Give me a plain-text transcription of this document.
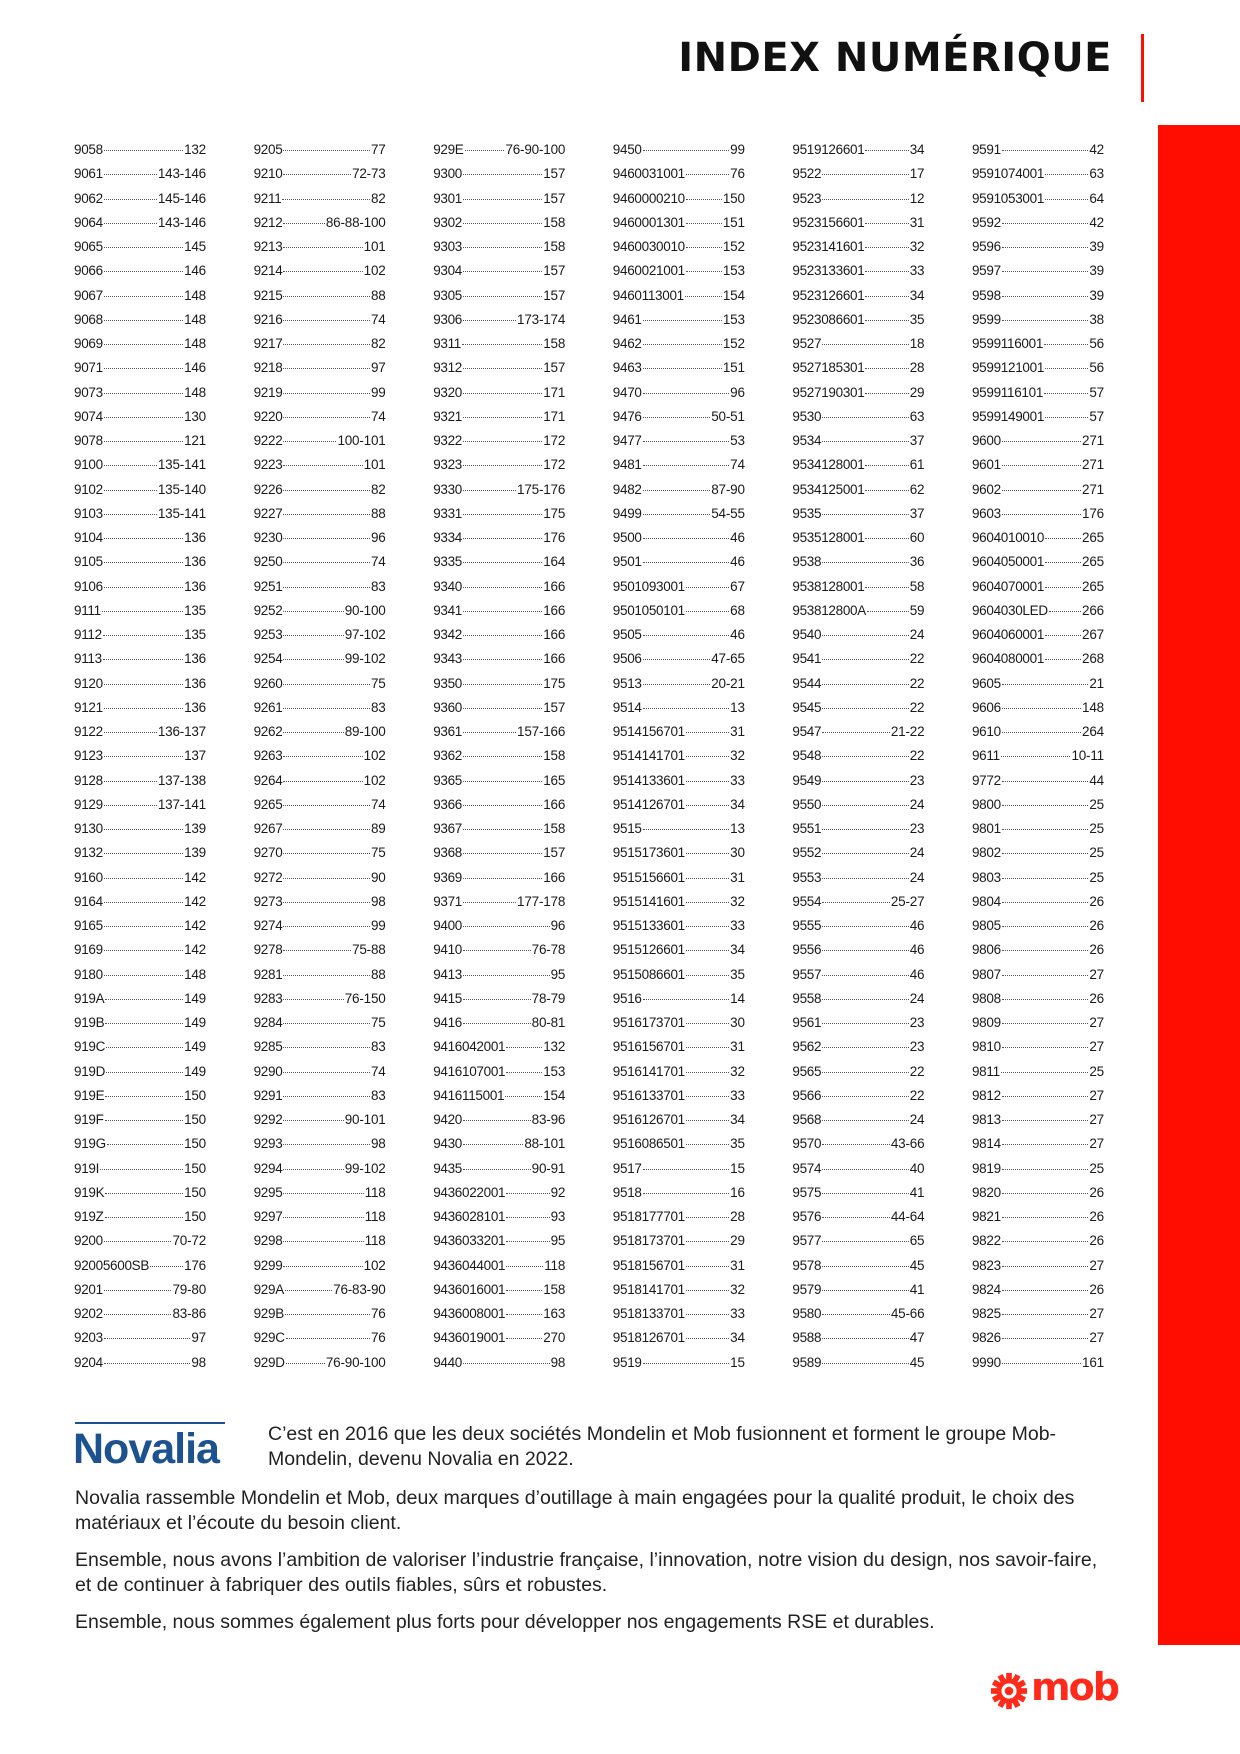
INDEX NUMÉRIQUE
9058	132
9061	143-146
9062	145-146
9064	143-146
9065	145
9066	146
9067	148
9068	148
9069	148
9071	146
9073	148
9074	130
9078	121
9100	135-141
9102	135-140
9103	135-141
9104	136
9105	136
9106	136
9111	135
9112	135
9113	136
9120	136
9121	136
9122	136-137
9123	137
9128	137-138
9129	137-141
9130	139
9132	139
9160	142
9164	142
9165	142
9169	142
9180	148
919A	149
919B	149
919C	149
919D	149
919E	150
919F	150
919G	150
919I	150
919K	150
919Z	150
9200	70-72
92005600SB	176
9201	79-80
9202	83-86
9203	97
9204	98
9205	77
9210	72-73
9211	82
9212	86-88-100
9213	101
9214	102
9215	88
9216	74
9217	82
9218	97
9219	99
9220	74
9222	100-101
9223	101
9226	82
9227	88
9230	96
9250	74
9251	83
9252	90-100
9253	97-102
9254	99-102
9260	75
9261	83
9262	89-100
9263	102
9264	102
9265	74
9267	89
9270	75
9272	90
9273	98
9274	99
9278	75-88
9281	88
9283	76-150
9284	75
9285	83
9290	74
9291	83
9292	90-101
9293	98
9294	99-102
9295	118
9297	118
9298	118
9299	102
929A	76-83-90
929B	76
929C	76
929D	76-90-100
929E	76-90-100
9300	157
9301	157
9302	158
9303	158
9304	157
9305	157
9306	173-174
9311	158
9312	157
9320	171
9321	171
9322	172
9323	172
9330	175-176
9331	175
9334	176
9335	164
9340	166
9341	166
9342	166
9343	166
9350	175
9360	157
9361	157-166
9362	158
9365	165
9366	166
9367	158
9368	157
9369	166
9371	177-178
9400	96
9410	76-78
9413	95
9415	78-79
9416	80-81
9416042001	132
9416107001	153
9416115001	154
9420	83-96
9430	88-101
9435	90-91
9436022001	92
9436028101	93
9436033201	95
9436044001	118
9436016001	158
9436008001	163
9436019001	270
9440	98
9450	99
9460031001	76
9460000210	150
9460001301	151
9460030010	152
9460021001	153
9460113001	154
9461	153
9462	152
9463	151
9470	96
9476	50-51
9477	53
9481	74
9482	87-90
9499	54-55
9500	46
9501	46
9501093001	67
9501050101	68
9505	46
9506	47-65
9513	20-21
9514	13
9514156701	31
9514141701	32
9514133601	33
9514126701	34
9515	13
9515173601	30
9515156601	31
9515141601	32
9515133601	33
9515126601	34
9515086601	35
9516	14
9516173701	30
9516156701	31
9516141701	32
9516133701	33
9516126701	34
9516086501	35
9517	15
9518	16
9518177701	28
9518173701	29
9518156701	31
9518141701	32
9518133701	33
9518126701	34
9519	15
9519126601	34
9522	17
9523	12
9523156601	31
9523141601	32
9523133601	33
9523126601	34
9523086601	35
9527	18
9527185301	28
9527190301	29
9530	63
9534	37
9534128001	61
9534125001	62
9535	37
9535128001	60
9538	36
9538128001	58
953812800A	59
9540	24
9541	22
9544	22
9545	22
9547	21-22
9548	22
9549	23
9550	24
9551	23
9552	24
9553	24
9554	25-27
9555	46
9556	46
9557	46
9558	24
9561	23
9562	23
9565	22
9566	22
9568	24
9570	43-66
9574	40
9575	41
9576	44-64
9577	65
9578	45
9579	41
9580	45-66
9588	47
9589	45
9591	42
9591074001	63
9591053001	64
9592	42
9596	39
9597	39
9598	39
9599	38
9599116001	56
9599121001	56
9599116101	57
9599149001	57
9600	271
9601	271
9602	271
9603	176
9604010010	265
9604050001	265
9604070001	265
9604030LED	266
9604060001	267
9604080001	268
9605	21
9606	148
9610	264
9611	10-11
9772	44
9800	25
9801	25
9802	25
9803	25
9804	26
9805	26
9806	26
9807	27
9808	26
9809	27
9810	27
9811	25
9812	27
9813	27
9814	27
9819	25
9820	26
9821	26
9822	26
9823	27
9824	26
9825	27
9826	27
9990	161
Novalia	C’est en 2016 que les deux sociétés Mondelin et Mob fusionnent et forment le groupe Mob-Mondelin, devenu Novalia en 2022.

Novalia rassemble Mondelin et Mob, deux marques d’outillage à main engagées pour la qualité produit, le choix des matériaux et l’écoute du besoin client.

Ensemble, nous avons l’ambition de valoriser l’industrie française, l’innovation, notre vision du design, nos savoir-faire, et de continuer à fabriquer des outils fiables, sûrs et robustes.

Ensemble, nous sommes également plus forts pour développer nos engagements RSE et durables.

mob
